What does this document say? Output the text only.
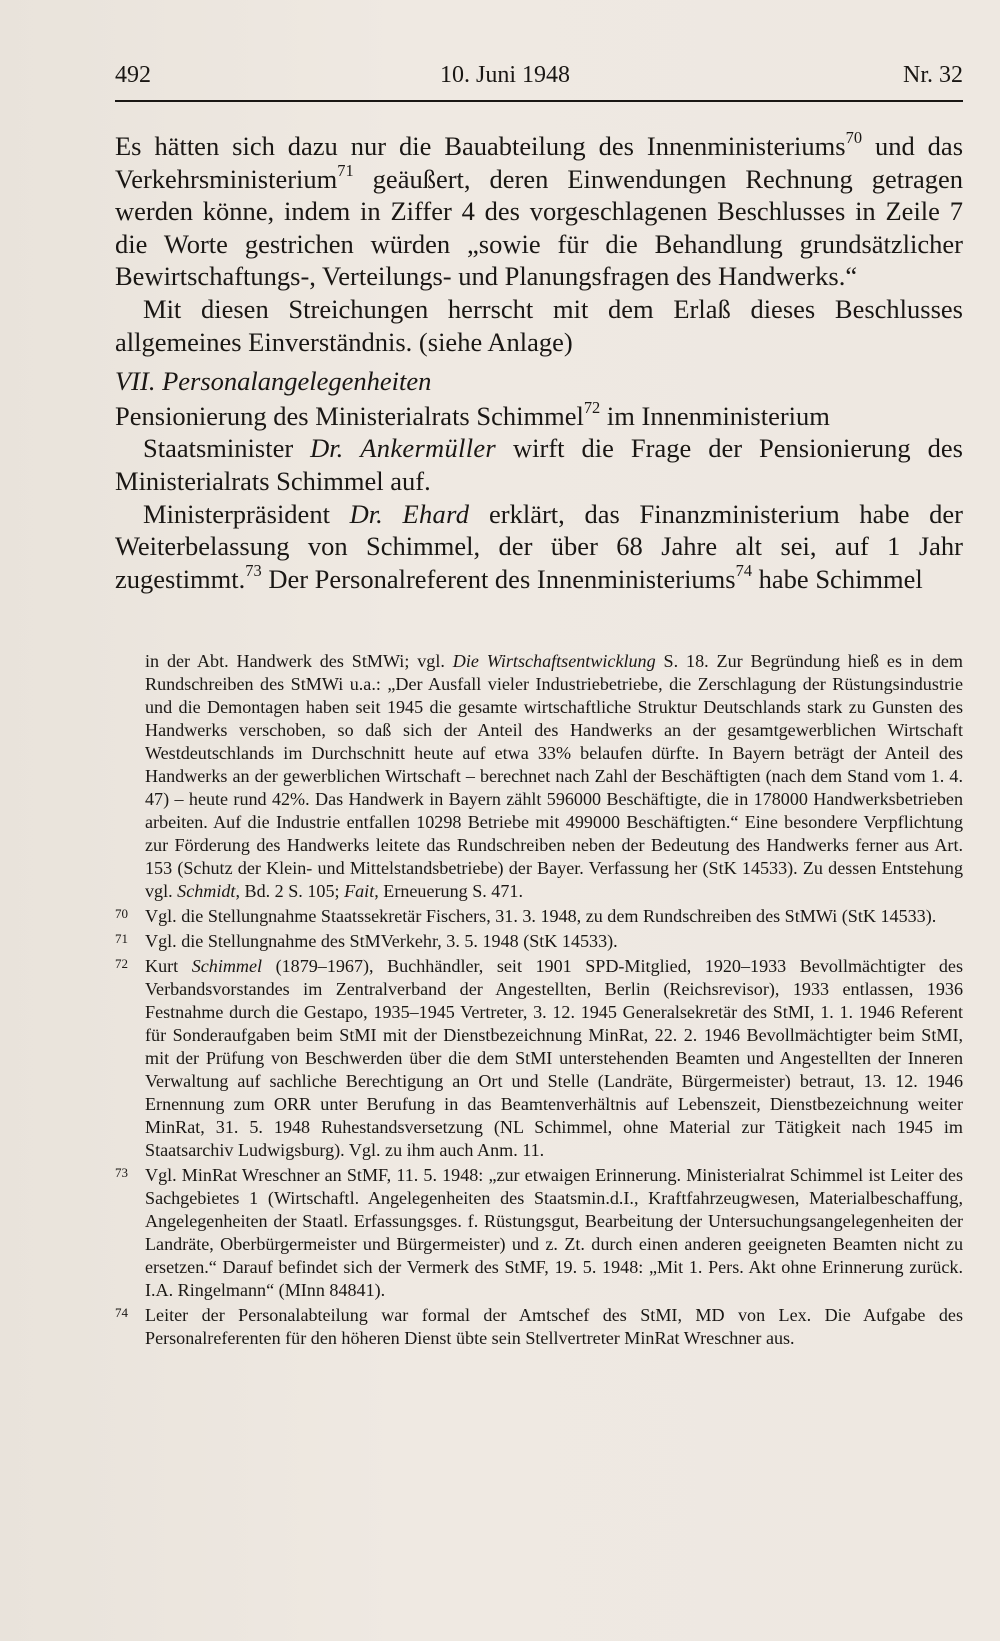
492	10. Juni 1948	Nr. 32

Es hätten sich dazu nur die Bauabteilung des Innenministeriums$^{70}$ und das Verkehrsministerium$^{71}$ geäußert, deren Einwendungen Rechnung getragen werden könne, indem in Ziffer 4 des vorgeschlagenen Beschlusses in Zeile 7 die Worte gestrichen würden „sowie für die Behandlung grundsätzlicher Bewirtschaftungs-, Verteilungs- und Planungsfragen des Handwerks.“

Mit diesen Streichungen herrscht mit dem Erlaß dieses Beschlusses allgemeines Einverständnis. (siehe Anlage)

VII. Personalangelegenheiten

Pensionierung des Ministerialrats Schimmel$^{72}$ im Innenministerium

Staatsminister Dr. Ankermüller wirft die Frage der Pensionierung des Ministerialrats Schimmel auf.

Ministerpräsident Dr. Ehard erklärt, das Finanzministerium habe der Weiterbelassung von Schimmel, der über 68 Jahre alt sei, auf 1 Jahr zugestimmt.$^{73}$ Der Personalreferent des Innenministeriums$^{74}$ habe Schimmel

in der Abt. Handwerk des StMWi; vgl. Die Wirtschaftsentwicklung S. 18. Zur Begründung hieß es in dem Rundschreiben des StMWi u.a.: „Der Ausfall vieler Industriebetriebe, die Zerschlagung der Rüstungsindustrie und die Demontagen haben seit 1945 die gesamte wirtschaftliche Struktur Deutschlands stark zu Gunsten des Handwerks verschoben, so daß sich der Anteil des Handwerks an der gesamtgewerblichen Wirtschaft Westdeutschlands im Durchschnitt heute auf etwa 33% belaufen dürfte. In Bayern beträgt der Anteil des Handwerks an der gewerblichen Wirtschaft – berechnet nach Zahl der Beschäftigten (nach dem Stand vom 1. 4. 47) – heute rund 42%. Das Handwerk in Bayern zählt 596000 Beschäftigte, die in 178000 Handwerksbetrieben arbeiten. Auf die Industrie entfallen 10298 Betriebe mit 499000 Beschäftigten.“ Eine besondere Verpflichtung zur Förderung des Handwerks leitete das Rundschreiben neben der Bedeutung des Handwerks ferner aus Art. 153 (Schutz der Klein- und Mittelstandsbetriebe) der Bayer. Verfassung her (StK 14533). Zu dessen Entstehung vgl. Schmidt, Bd. 2 S. 105; Fait, Erneuerung S. 471.

70 Vgl. die Stellungnahme Staatssekretär Fischers, 31. 3. 1948, zu dem Rundschreiben des StMWi (StK 14533).

71 Vgl. die Stellungnahme des StMVerkehr, 3. 5. 1948 (StK 14533).

72 Kurt Schimmel (1879–1967), Buchhändler, seit 1901 SPD-Mitglied, 1920–1933 Bevollmächtigter des Verbandsvorstandes im Zentralverband der Angestellten, Berlin (Reichsrevisor), 1933 entlassen, 1936 Festnahme durch die Gestapo, 1935–1945 Vertreter, 3. 12. 1945 Generalsekretär des StMI, 1. 1. 1946 Referent für Sonderaufgaben beim StMI mit der Dienstbezeichnung MinRat, 22. 2. 1946 Bevollmächtigter beim StMI, mit der Prüfung von Beschwerden über die dem StMI unterstehenden Beamten und Angestellten der Inneren Verwaltung auf sachliche Berechtigung an Ort und Stelle (Landräte, Bürgermeister) betraut, 13. 12. 1946 Ernennung zum ORR unter Berufung in das Beamtenverhältnis auf Lebenszeit, Dienstbezeichnung weiter MinRat, 31. 5. 1948 Ruhestandsversetzung (NL Schimmel, ohne Material zur Tätigkeit nach 1945 im Staatsarchiv Ludwigsburg). Vgl. zu ihm auch Anm. 11.

73 Vgl. MinRat Wreschner an StMF, 11. 5. 1948: „zur etwaigen Erinnerung. Ministerialrat Schimmel ist Leiter des Sachgebietes 1 (Wirtschaftl. Angelegenheiten des Staatsmin.d.I., Kraftfahrzeugwesen, Materialbeschaffung, Angelegenheiten der Staatl. Erfassungsges. f. Rüstungsgut, Bearbeitung der Untersuchungsangelegenheiten der Landräte, Oberbürgermeister und Bürgermeister) und z. Zt. durch einen anderen geeigneten Beamten nicht zu ersetzen.“ Darauf befindet sich der Vermerk des StMF, 19. 5. 1948: „Mit 1. Pers. Akt ohne Erinnerung zurück. I.A. Ringelmann“ (MInn 84841).

74 Leiter der Personalabteilung war formal der Amtschef des StMI, MD von Lex. Die Aufgabe des Personalreferenten für den höheren Dienst übte sein Stellvertreter MinRat Wreschner aus.
